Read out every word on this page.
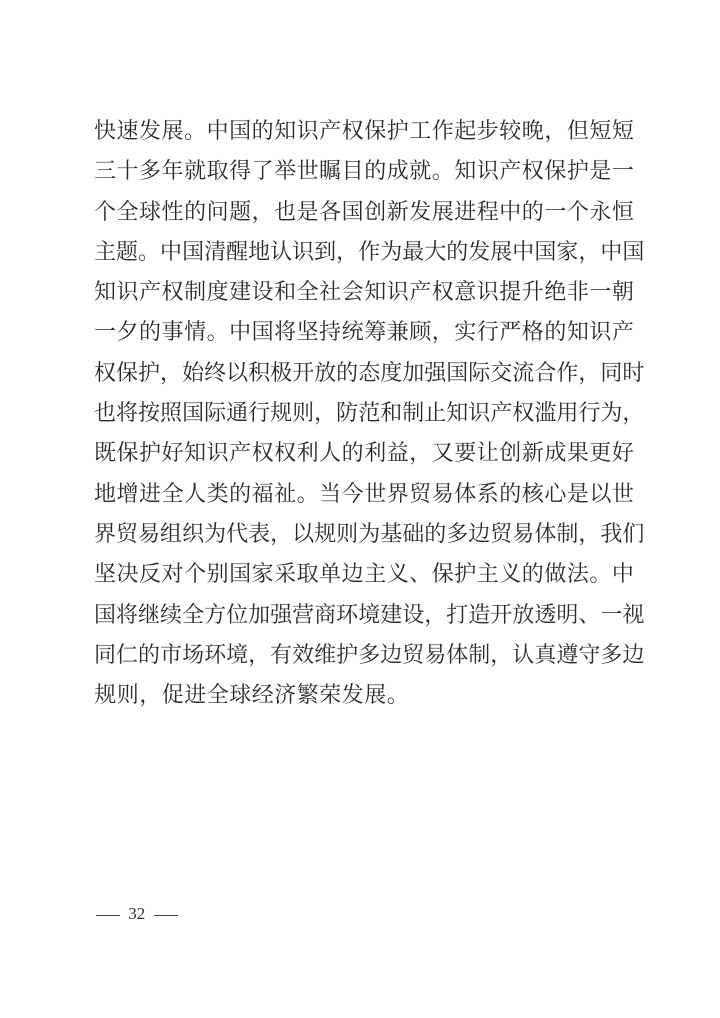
快 速 发 展 。 中 国 的 知 识 产 权 保 护 工 作 起 步 较 晚 ， 但 短 短
三 十 多 年 就 取 得 了 举 世 瞩 目 的 成 就 。 知 识 产 权 保 护 是 一
个 全 球 性 的 问 题 ， 也 是 各 国 创 新 发 展 进 程 中 的 一 个 永 恒
主 题 。 中 国 清 醒 地 认 识 到 ， 作 为 最 大 的 发 展 中 国 家 ， 中 国
知 识 产 权 制 度 建 设 和 全 社 会 知 识 产 权 意 识 提 升 绝 非 一 朝
一 夕 的 事 情 。 中 国 将 坚 持 统 筹 兼 顾 ， 实 行 严 格 的 知 识 产
权 保 护 ， 始 终 以 积 极 开 放 的 态 度 加 强 国 际 交 流 合 作 ， 同 时
也 将 按 照 国 际 通 行 规 则 ， 防 范 和 制 止 知 识 产 权 滥 用 行 为 ，
既 保 护 好 知 识 产 权 权 利 人 的 利 益 ， 又 要 让 创 新 成 果 更 好
地 增 进 全 人 类 的 福 祉 。 当 今 世 界 贸 易 体 系 的 核 心 是 以 世
界 贸 易 组 织 为 代 表 ， 以 规 则 为 基 础 的 多 边 贸 易 体 制 ， 我 们
坚 决 反 对 个 别 国 家 采 取 单 边 主 义 、 保 护 主 义 的 做 法 。 中
国 将 继 续 全 方 位 加 强 营 商 环 境 建 设 ， 打 造 开 放 透 明 、 一 视
同 仁 的 市 场 环 境 ， 有 效 维 护 多 边 贸 易 体 制 ， 认 真 遵 守 多 边
规 则 ， 促 进 全 球 经 济 繁 荣 发 展 。
32
